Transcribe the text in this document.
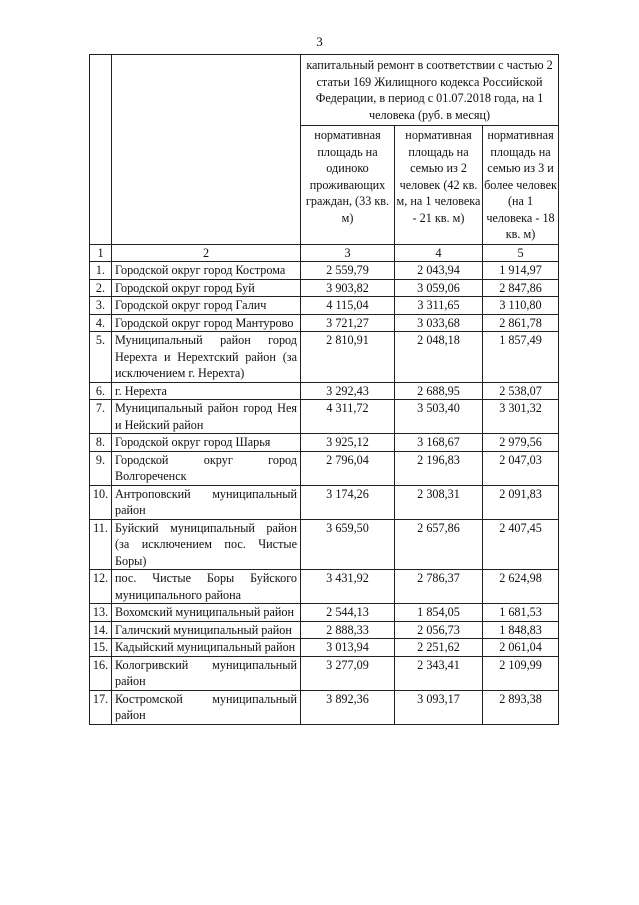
3
		капитальный ремонт в соответствии с частью 2 статьи 169 Жилищного кодекса Российской Федерации, в период с 01.07.2018 года, на 1 человека (руб. в месяц)		
		нормативная площадь на одиноко проживающих граждан, (33 кв. м)	нормативная площадь на семью из 2 человек (42 кв. м, на 1 человека - 21 кв. м)	нормативная площадь на семью из 3 и более человек (на 1 человека - 18 кв. м)
1	2	3	4	5
1.	Городской округ город Кострома	2 559,79	2 043,94	1 914,97
2.	Городской округ город Буй	3 903,82	3 059,06	2 847,86
3.	Городской округ город Галич	4 115,04	3 311,65	3 110,80
4.	Городской округ город Мантурово	3 721,27	3 033,68	2 861,78
5.	Муниципальный район город Нерехта и Нерехтский район (за исключением г. Нерехта)	2 810,91	2 048,18	1 857,49
6.	г. Нерехта	3 292,43	2 688,95	2 538,07
7.	Муниципальный район город Нея и Нейский район	4 311,72	3 503,40	3 301,32
8.	Городской округ город Шарья	3 925,12	3 168,67	2 979,56
9.	Городской округ город Волгореченск	2 796,04	2 196,83	2 047,03
10.	Антроповский муниципальный район	3 174,26	2 308,31	2 091,83
11.	Буйский муниципальный район (за исключением пос. Чистые Боры)	3 659,50	2 657,86	2 407,45
12.	пос. Чистые Боры Буйского муниципального района	3 431,92	2 786,37	2 624,98
13.	Вохомский муниципальный район	2 544,13	1 854,05	1 681,53
14.	Галичский муниципальный район	2 888,33	2 056,73	1 848,83
15.	Кадыйский муниципальный район	3 013,94	2 251,62	2 061,04
16.	Кологривский муниципальный район	3 277,09	2 343,41	2 109,99
17.	Костромской муниципальный район	3 892,36	3 093,17	2 893,38
